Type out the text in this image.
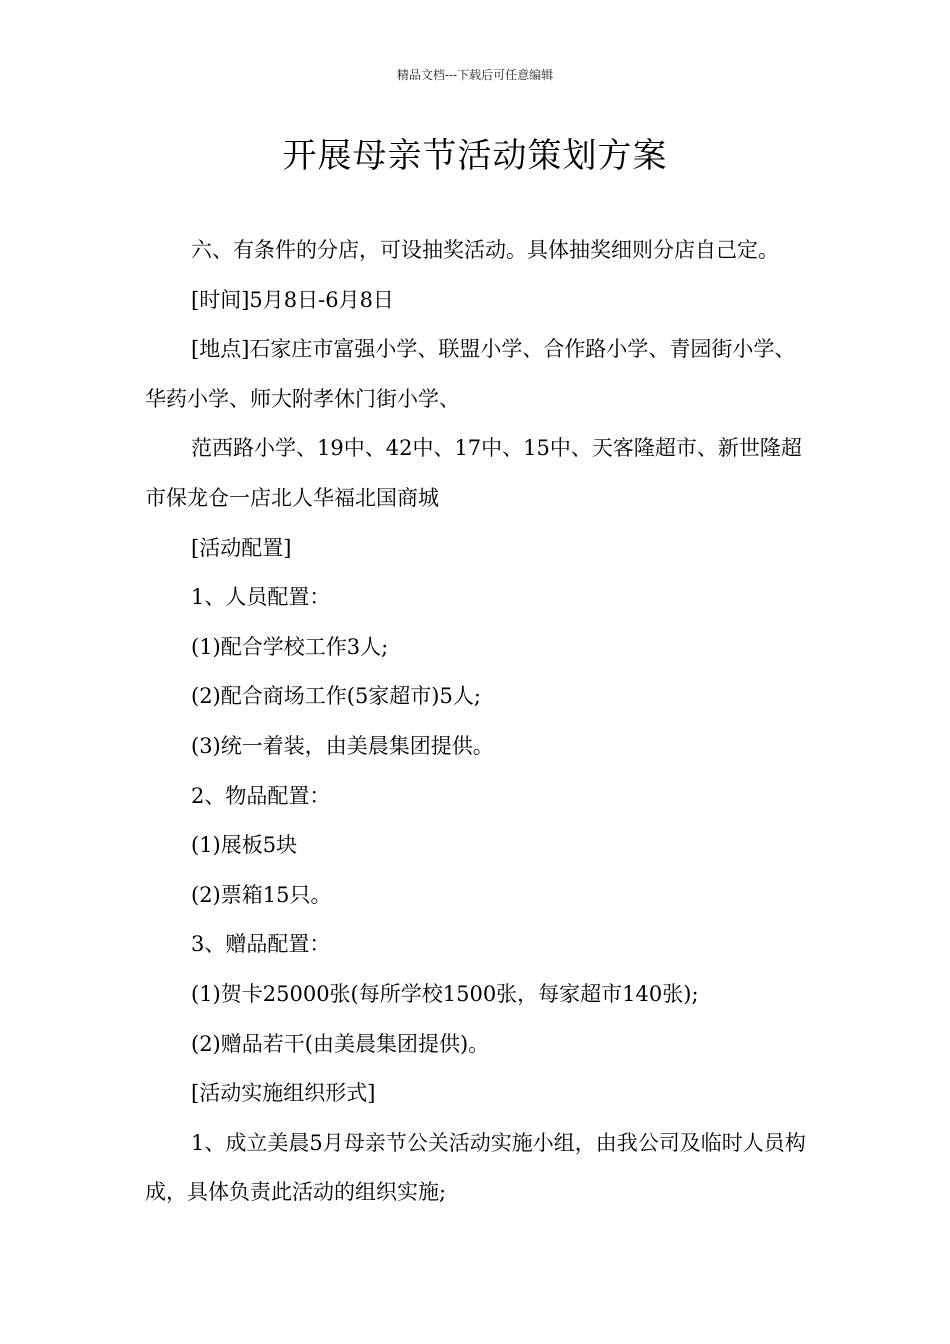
精品文档---下载后可任意编辑
开展母亲节活动策划方案

六、有条件的分店，可设抽奖活动。具体抽奖细则分店自己定。

[时间]5月8日-6月8日

[地点]石家庄市富强小学、联盟小学、合作路小学、青园街小学、华药小学、师大附孝休门街小学、

范西路小学、19中、42中、17中、15中、天客隆超市、新世隆超市保龙仓一店北人华福北国商城

[活动配置]

1、人员配置：

(1)配合学校工作3人;

(2)配合商场工作(5家超市)5人;

(3)统一着装，由美晨集团提供。

2、物品配置：

(1)展板5块

(2)票箱15只。

3、赠品配置：

(1)贺卡25000张(每所学校1500张，每家超市140张);

(2)赠品若干(由美晨集团提供)。

[活动实施组织形式]

1、成立美晨5月母亲节公关活动实施小组，由我公司及临时人员构成，具体负责此活动的组织实施;
